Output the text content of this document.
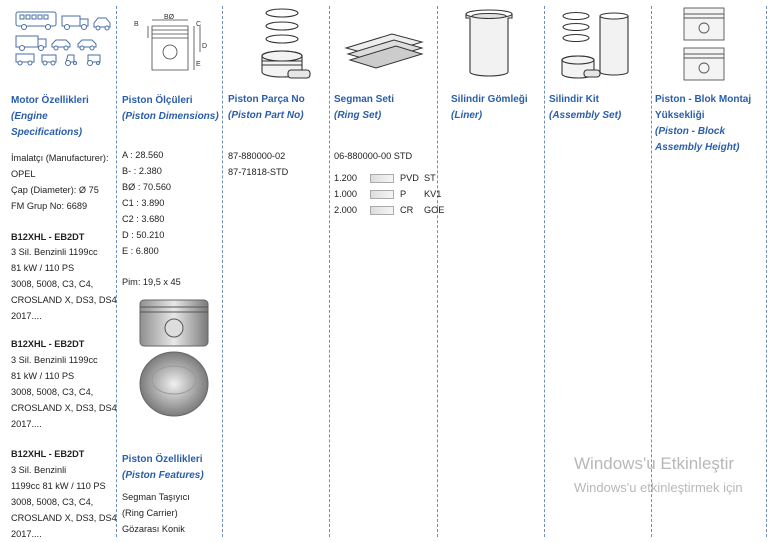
Motor Özellikleri
(Engine Specifications)
İmalatçı (Manufacturer):
OPEL
Çap (Diameter): Ø 75
FM Grup No: 6689
B12XHL - EB2DT
3 Sil. Benzinli 1199cc
81 kW / 110 PS
3008, 5008, C3, C4,
CROSLAND X, DS3, DS4
2017....
B12XHL - EB2DT
3 Sil. Benzinli 1199cc
81 kW / 110 PS
3008, 5008, C3, C4,
CROSLAND X, DS3, DS4
2017....
B12XHL - EB2DT
3 Sil. Benzinli
1199cc 81 kW / 110 PS
3008, 5008, C3, C4,
CROSLAND X, DS3, DS4
2017....
B
BØ
C
D
E
Piston Ölçüleri
(Piston Dimensions)
A : 28.560
B- : 2.380
BØ : 70.560
C1 : 3.890
C2 : 3.680
D : 50.210
E : 6.800
Pim: 19,5 x 45
Piston Özellikleri
(Piston Features)
Segman Taşıyıcı
(Ring Carrier)
Gözarası Konik
Piston Parça No
(Piston Part No)
87-880000-02
87-71818-STD
Segman Seti
(Ring Set)
06-880000-00 STD
1.200	PVD ST
1.000	P	KV1
2.000	CR	GOE
Silindir Gömleği
(Liner)
Silindir Kit
(Assembly Set)
Piston - Blok Montaj
Yüksekliği
(Piston - Block
Assembly Height)
Windows'u Etkinleştir
Windows'u etkinleştirmek için
